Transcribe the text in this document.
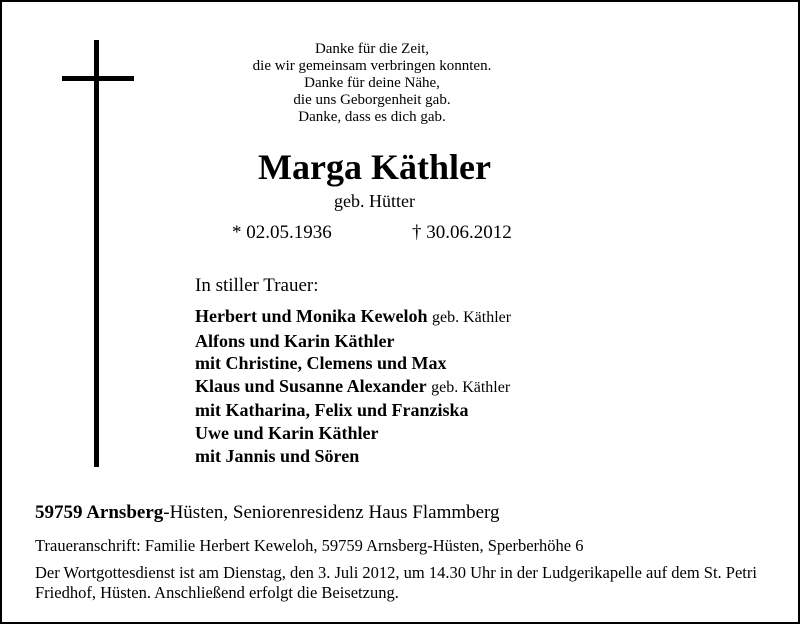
Danke für die Zeit,
die wir gemeinsam verbringen konnten.
Danke für deine Nähe,
die uns Geborgenheit gab.
Danke, dass es dich gab.
Marga Käthler
geb. Hütter
* 02.05.1936	† 30.06.2012
In stiller Trauer:
Herbert und Monika Keweloh geb. Käthler
Alfons und Karin Käthler
mit Christine, Clemens und Max
Klaus und Susanne Alexander geb. Käthler
mit Katharina, Felix und Franziska
Uwe und Karin Käthler
mit Jannis und Sören
59759 Arnsberg-Hüsten, Seniorenresidenz Haus Flammberg
Traueranschrift: Familie Herbert Keweloh, 59759 Arnsberg-Hüsten, Sperberhöhe 6
Der Wortgottesdienst ist am Dienstag, den 3. Juli 2012, um 14.30 Uhr in der Ludgerikapelle auf dem St. Petri Friedhof, Hüsten. Anschließend erfolgt die Beisetzung.
